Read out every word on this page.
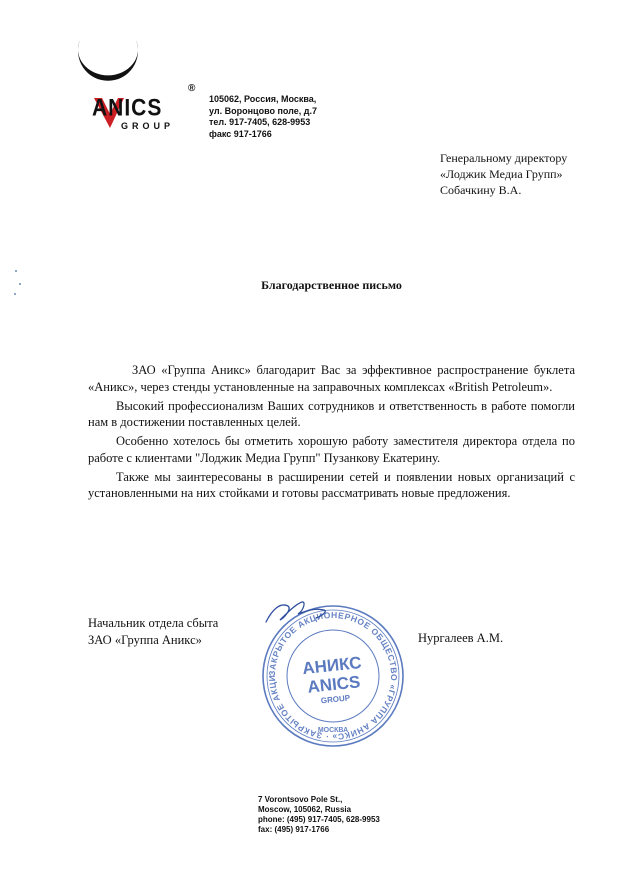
ANICS
®
GROUP
105062, Россия, Москва,
ул. Воронцово поле, д.7
тел. 917-7405, 628-9953
факс 917-1766
Генеральному директору
«Лоджик Медиа Групп»
Собачкину В.А.
Благодарственное письмо

ЗАО «Группа Аникс» благодарит Вас за эффективное распространение буклета «Аникс», через стенды установленные на заправочных комплексах «British Petroleum».

Высокий профессионализм Ваших сотрудников и ответственность в работе помогли нам в достижении поставленных целей.

Особенно хотелось бы отметить хорошую работу заместителя директора отдела по работе с клиентами "Лоджик Медиа Групп" Пузанкову Екатерину.

Также мы заинтересованы в расширении сетей и появлении новых организаций с установленными на них стойками и готовы рассматривать новые предложения.

ЗАКРЫТОЕ АКЦИОНЕРНОЕ ОБЩЕСТВО «ГРУППА АНИКС» · ЗАКРЫТОЕ АКЦИ	АНИКС
ANICS
GROUP
МОСКВА
Начальник отдела сбыта
ЗАО «Группа Аникс»	Нургалеев А.М.
7 Vorontsovo Pole St.,
Moscow, 105062, Russia
phone: (495) 917-7405, 628-9953
fax: (495) 917-1766
